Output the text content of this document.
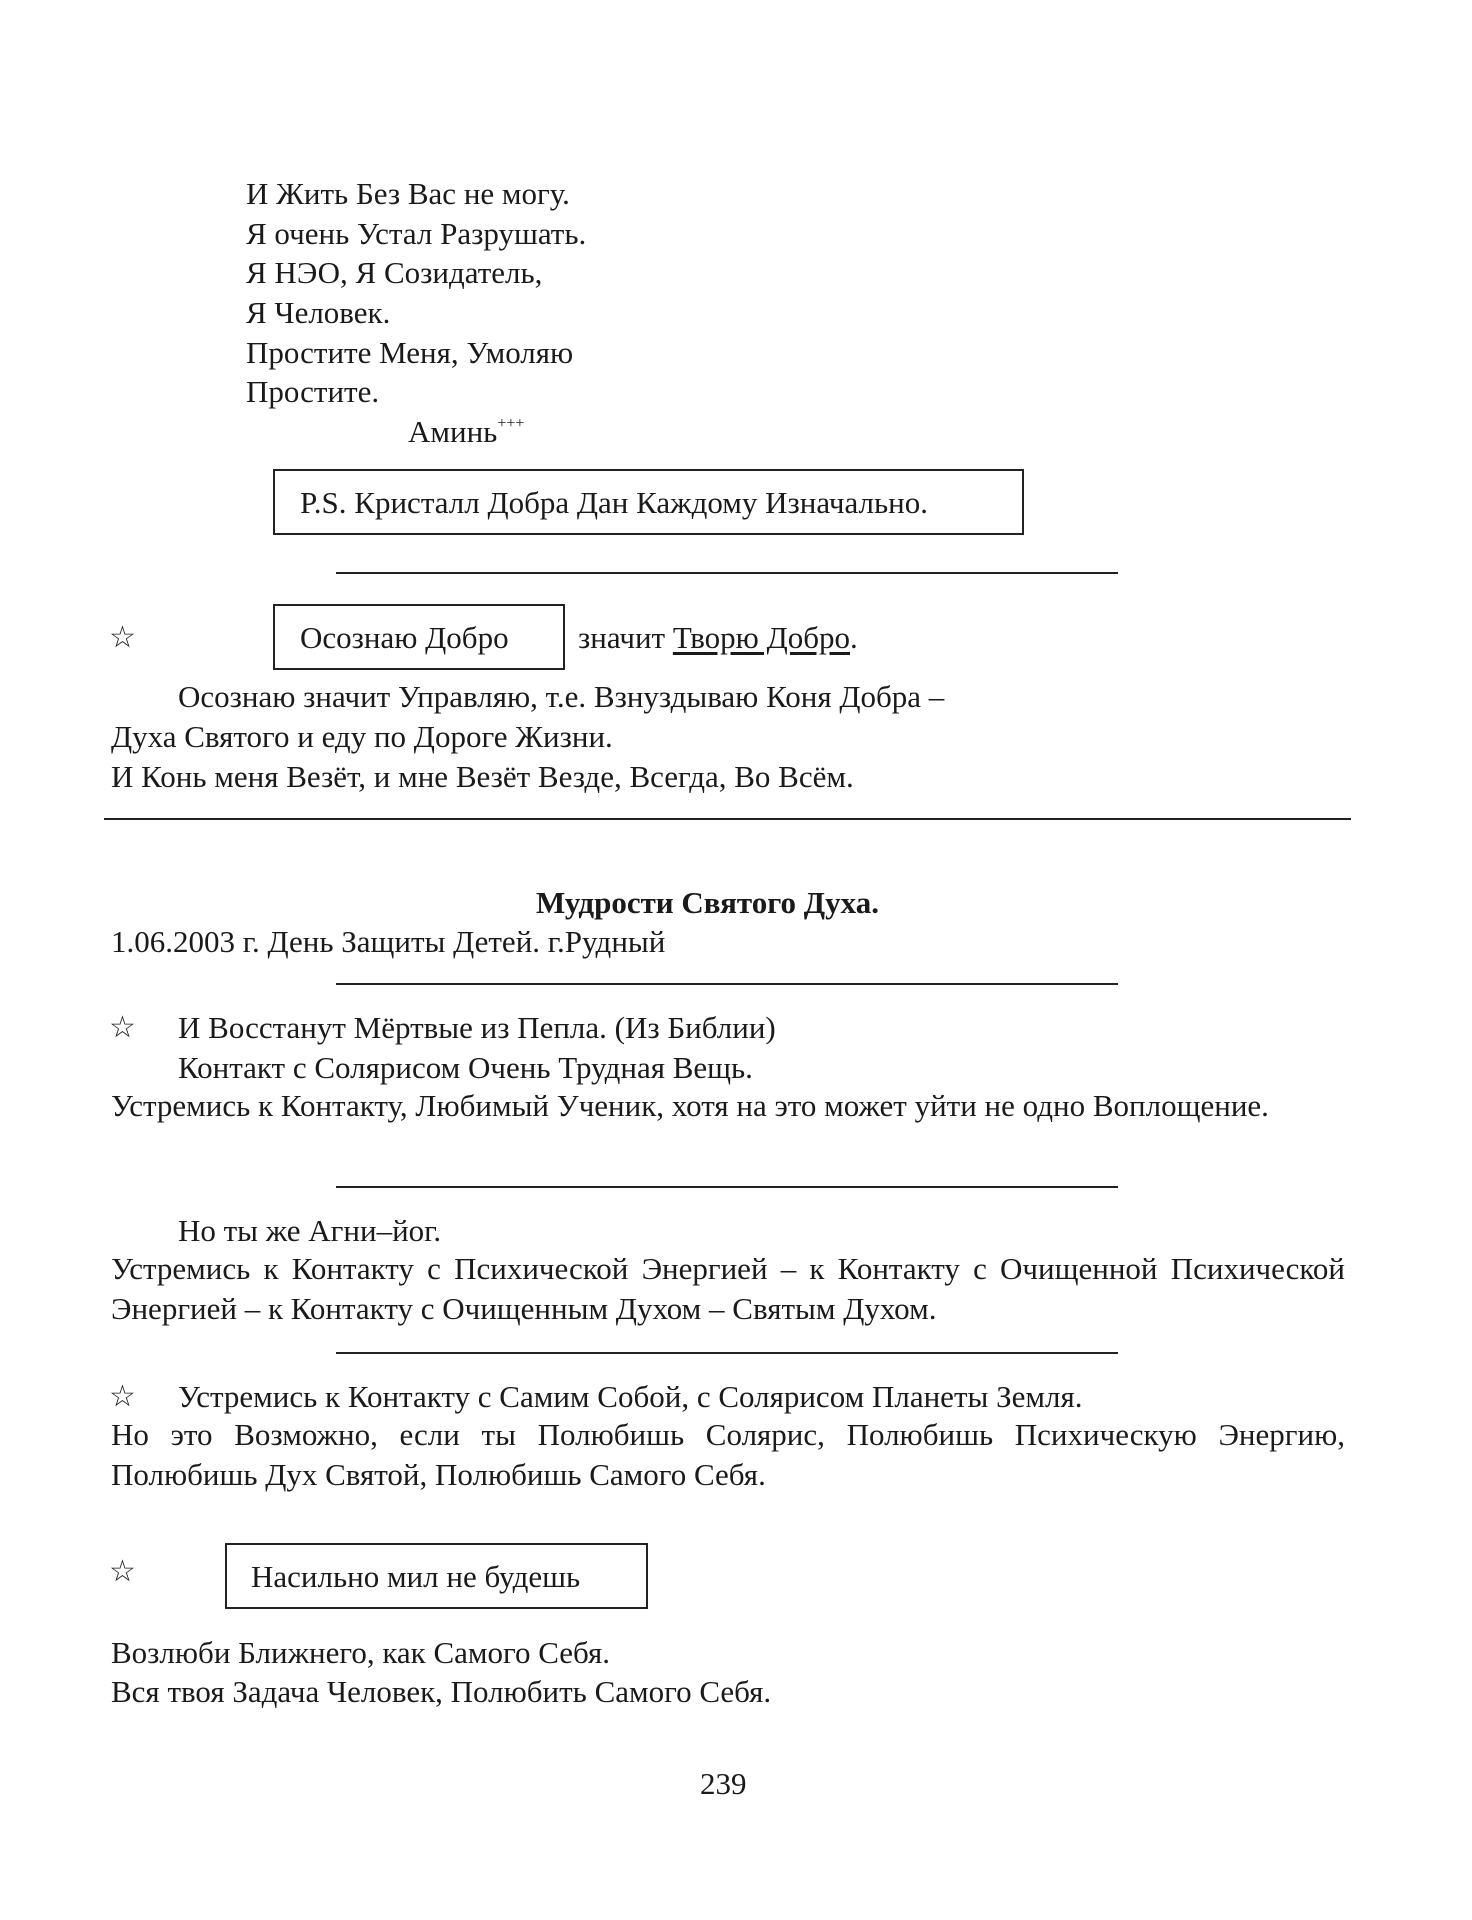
И Жить Без Вас не могу.
Я очень Устал Разрушать.
Я НЭО, Я Созидатель,
Я Человек.
Простите Меня, Умоляю
Простите.
Аминь+++
P.S. Кристалл Добра Дан Каждому Изначально.
☆	Осознаю Добро значит Творю Добро.
Осознаю значит Управляю, т.е. Взнуздываю Коня Добра –
Духа Святого и еду по Дороге Жизни.
И Конь меня Везёт, и мне Везёт Везде, Всегда, Во Всём.
Мудрости Святого Духа.
1.06.2003 г. День Защиты Детей. г.Рудный
☆ И Восстанут Мёртвые из Пепла. (Из Библии)
Контакт с Солярисом Очень Трудная Вещь.
Устремись к Контакту, Любимый Ученик, хотя на это может уйти не одно Воплощение.
Но ты же Агни–йог.
Устремись к Контакту с Психической Энергией – к Контакту с Очищенной Психической Энергией – к Контакту с Очищенным Духом – Святым Духом.
☆ Устремись к Контакту с Самим Собой, с Солярисом Планеты Земля.
Но это Возможно, если ты Полюбишь Солярис, Полюбишь Психическую Энергию, Полюбишь Дух Святой, Полюбишь Самого Себя.
☆	Насильно мил не будешь
Возлюби Ближнего, как Самого Себя.
Вся твоя Задача Человек, Полюбить Самого Себя.
239
